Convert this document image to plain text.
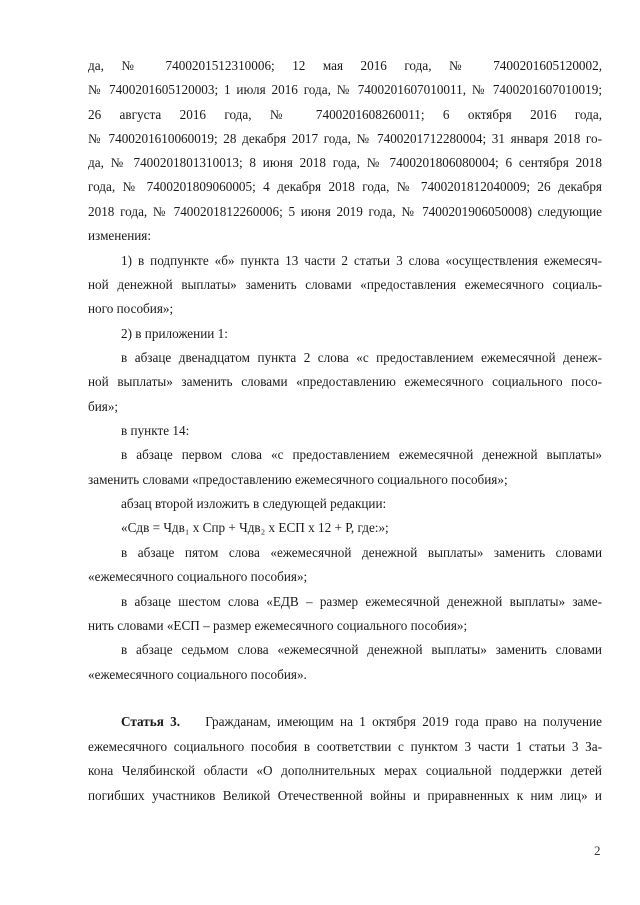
да, № 7400201512310006; 12 мая 2016 года, № 7400201605120002,
№ 7400201605120003; 1 июля 2016 года, № 7400201607010011, № 7400201607010019;
26 августа 2016 года, № 7400201608260011; 6 октября 2016 года,
№ 7400201610060019; 28 декабря 2017 года, № 7400201712280004; 31 января 2018 го-
да, № 7400201801310013; 8 июня 2018 года, № 7400201806080004; 6 сентября 2018
года, № 7400201809060005; 4 декабря 2018 года, № 7400201812040009; 26 декабря
2018 года, № 7400201812260006; 5 июня 2019 года, № 7400201906050008) следующие
изменения:
1) в подпункте «б» пункта 13 части 2 статьи 3 слова «осуществления ежемесяч-
ной денежной выплаты» заменить словами «предоставления ежемесячного социаль-
ного пособия»;
2) в приложении 1:
в абзаце двенадцатом пункта 2 слова «с предоставлением ежемесячной денеж-
ной выплаты» заменить словами «предоставлению ежемесячного социального посо-
бия»;
в пункте 14:
в абзаце первом слова «с предоставлением ежемесячной денежной выплаты»
заменить словами «предоставлению ежемесячного социального пособия»;
абзац второй изложить в следующей редакции:
«Сдв = Чдв₁ х Спр + Чдв₂ х ЕСП х 12 + Р, где:»;
в абзаце пятом слова «ежемесячной денежной выплаты» заменить словами
«ежемесячного социального пособия»;
в абзаце шестом слова «ЕДВ – размер ежемесячной денежной выплаты» заме-
нить словами «ЕСП – размер ежемесячного социального пособия»;
в абзаце седьмом слова «ежемесячной денежной выплаты» заменить словами
«ежемесячного социального пособия».
Статья 3. Гражданам, имеющим на 1 октября 2019 года право на получение
ежемесячного социального пособия в соответствии с пунктом 3 части 1 статьи 3 За-
кона Челябинской области «О дополнительных мерах социальной поддержки детей
погибших участников Великой Отечественной войны и приравненных к ним лиц» и
2
